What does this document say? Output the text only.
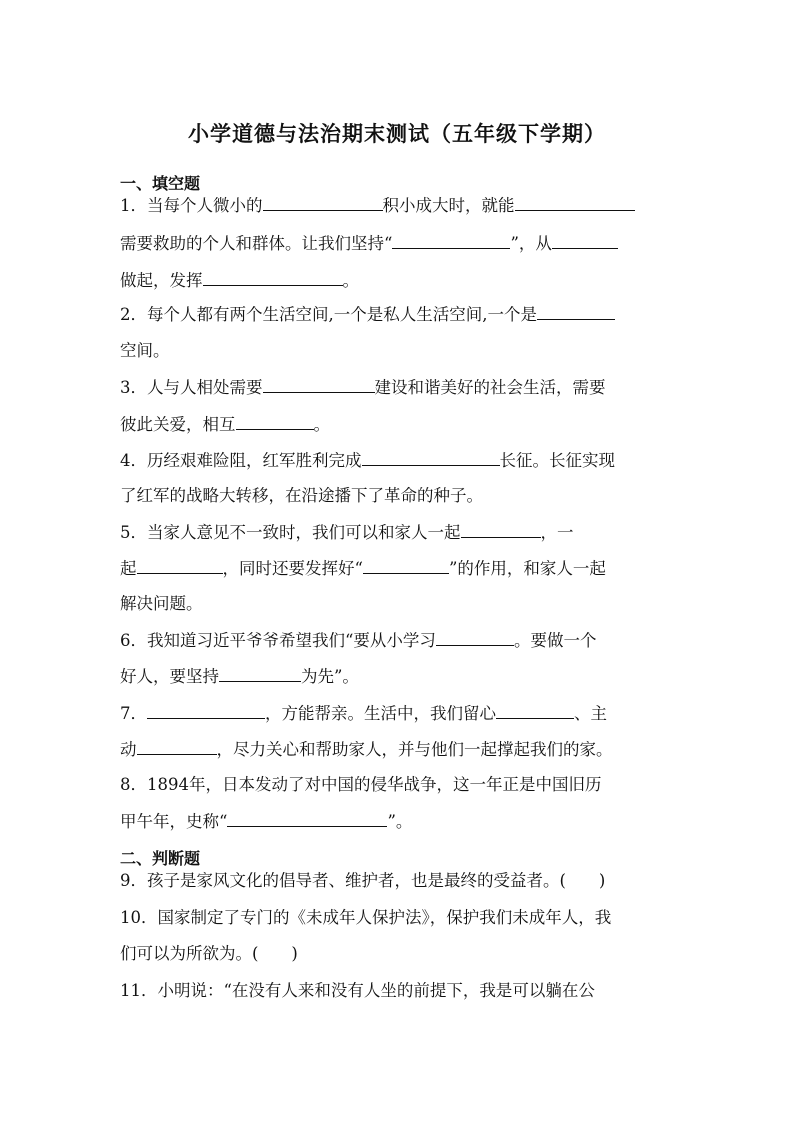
小学道德与法治期末测试（五年级下学期）
一、填空题
1．当每个人微小的	积小成大时，就能
需要救助的个人和群体。让我们坚持“	”，从
做起，发挥	。
2．每个人都有两个生活空间,一个是私人生活空间,一个是
空间。
3．人与人相处需要	建设和谐美好的社会生活，需要
彼此关爱，相互	。
4．历经艰难险阻，红军胜利完成	长征。长征实现
了红军的战略大转移，在沿途播下了革命的种子。
5．当家人意见不一致时，我们可以和家人一起	，一
起	，同时还要发挥好“	”的作用，和家人一起
解决问题。
6．我知道习近平爷爷希望我们“要从小学习	。要做一个
好人，要坚持	为先”。
7．	，方能帮亲。生活中，我们留心	、主
动	，尽力关心和帮助家人，并与他们一起撑起我们的家。
8．1894年，日本发动了对中国的侵华战争，这一年正是中国旧历
甲午年，史称“	”。
二、判断题
9．孩子是家风文化的倡导者、维护者，也是最终的受益者。(　　)
10．国家制定了专门的《未成年人保护法》，保护我们未成年人，我
们可以为所欲为。(　　)
11．小明说：“在没有人来和没有人坐的前提下，我是可以躺在公
